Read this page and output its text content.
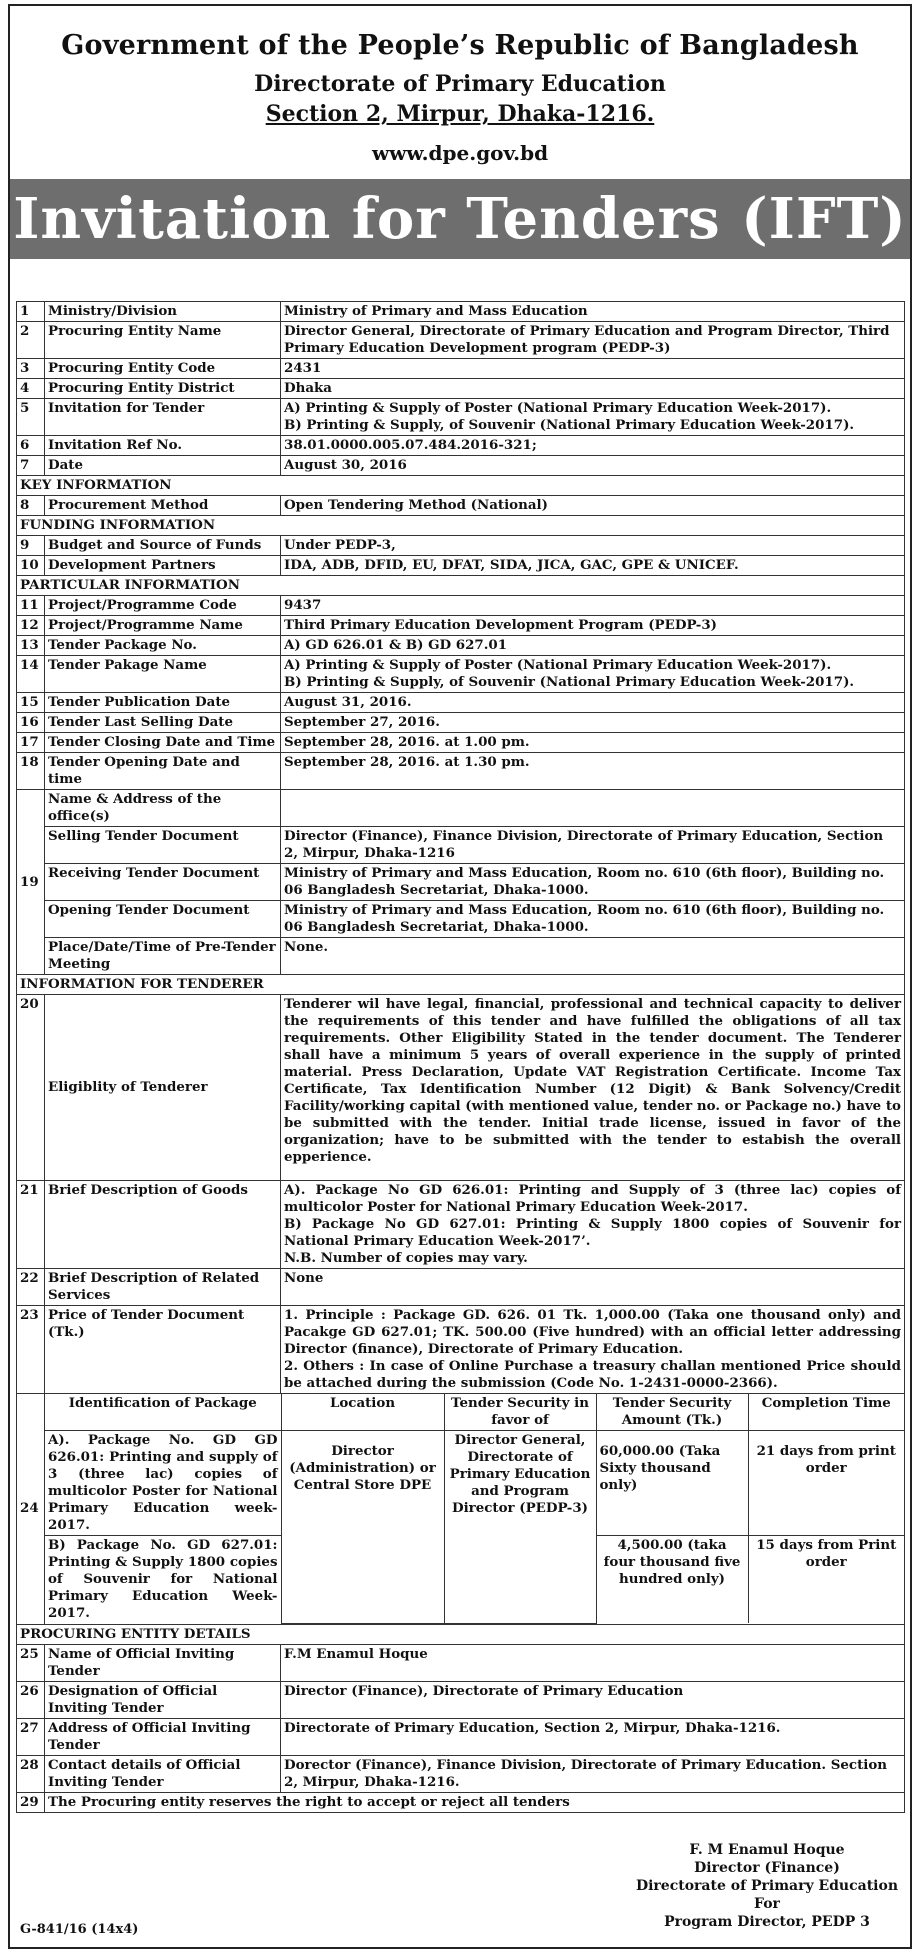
Government of the People’s Republic of Bangladesh
Directorate of Primary Education
Section 2, Mirpur, Dhaka-1216.
www.dpe.gov.bd
Invitation for Tenders (IFT)
1	Ministry/Division	Ministry of Primary and Mass Education
2	Procuring Entity Name	Director General, Directorate of Primary Education and Program Director, Third Primary Education Development program (PEDP-3)
3	Procuring Entity Code	2431
4	Procuring Entity District	Dhaka
5	Invitation for Tender	A) Printing & Supply of Poster (National Primary Education Week-2017).
B) Printing & Supply, of Souvenir (National Primary Education Week-2017).

6	Invitation Ref No.	38.01.0000.005.07.484.2016-321;
7	Date	August 30, 2016
KEY INFORMATION
8	Procurement Method	Open Tendering Method (National)
FUNDING INFORMATION
9	Budget and Source of Funds	Under PEDP-3,
10	Development Partners	IDA, ADB, DFID, EU, DFAT, SIDA, JICA, GAC, GPE & UNICEF.
PARTICULAR INFORMATION
11	Project/Programme Code	9437
12	Project/Programme Name	Third Primary Education Development Program (PEDP-3)
13	Tender Package No.	A) GD 626.01 & B) GD 627.01
14	Tender Pakage Name	A) Printing & Supply of Poster (National Primary Education Week-2017).
B) Printing & Supply, of Souvenir (National Primary Education Week-2017).

15	Tender Publication Date	August 31, 2016.
16	Tender Last Selling Date	September 27, 2016.
17	Tender Closing Date and Time	September 28, 2016. at 1.00 pm.
18	Tender Opening Date and time	September 28, 2016. at 1.30 pm.
19	Name & Address of the office(s)	
Selling Tender Document	Director (Finance), Finance Division, Directorate of Primary Education, Section 2, Mirpur, Dhaka-1216
Receiving Tender Document	Ministry of Primary and Mass Education, Room no. 610 (6th floor), Building no. 06 Bangladesh Secretariat, Dhaka-1000.
Opening Tender Document	Ministry of Primary and Mass Education, Room no. 610 (6th floor), Building no. 06 Bangladesh Secretariat, Dhaka-1000.
Place/Date/Time of Pre-Tender Meeting	None.
INFORMATION FOR TENDERER
20	Eligiblity of Tenderer	Tenderer wil have legal, financial, professional and technical capacity to deliver the requirements of this tender and have fulfilled the obligations of all tax requirements. Other Eligibility Stated in the tender document. The Tenderer shall have a minimum 5 years of overall experience in the supply of printed material. Press Declaration, Update VAT Registration Certificate. Income Tax Certificate, Tax Identification Number (12 Digit) & Bank Solvency/Credit Facility/working capital (with mentioned value, tender no. or Package no.) have to be submitted with the tender. Initial trade license, issued in favor of the organization; have to be submitted with the tender to estabish the overall epperience.
21	Brief Description of Goods	A). Package No GD 626.01: Printing and Supply of 3 (three lac) copies of multicolor Poster for National Primary Education Week-2017.
B) Package No GD 627.01: Printing & Supply 1800 copies of Souvenir for National Primary Education Week-2017’.
N.B. Number of copies may vary.

22	Brief Description of Related Services	None
23	Price of Tender Document (Tk.)	
1. Principle : Package GD. 626. 01 Tk. 1,000.00 (Taka one thousand only) and Pacakge GD 627.01; TK. 500.00 (Five hundred) with an official letter addressing Director (finance), Directorate of Primary Education.
2. Others : In case of Online Purchase a treasury challan mentioned Price should be attached during the submission (Code No. 1-2431-0000-2366).

24	
Identification of Package	Location	Tender Security in favor of	Tender Security Amount (Tk.)	Completion Time
A). Package No. GD GD 626.01: Printing and supply of 3 (three lac) copies of multicolor Poster for National Primary Education week-2017.	Director (Administration) or Central Store DPE	Director General, Directorate of Primary Education and Program Director (PEDP-3)	60,000.00 (Taka Sixty thousand only)	21 days from print order
B) Package No. GD 627.01: Printing & Supply 1800 copies of Souvenir for National Primary Education Week-2017.	4,500.00 (taka four thousand five hundred only)	15 days from Print order

PROCURING ENTITY DETAILS
25	Name of Official Inviting Tender	F.M Enamul Hoque
26	Designation of Official Inviting Tender	Director (Finance), Directorate of Primary Education
27	Address of Official Inviting Tender	Directorate of Primary Education, Section 2, Mirpur, Dhaka-1216.
28	Contact details of Official Inviting Tender	Dorector (Finance), Finance Division, Directorate of Primary Education. Section 2, Mirpur, Dhaka-1216.
29	The Procuring entity reserves the right to accept or reject all tenders
F. M Enamul Hoque
Director (Finance)
Directorate of Primary Education
For
Program Director, PEDP 3
G-841/16 (14x4)
